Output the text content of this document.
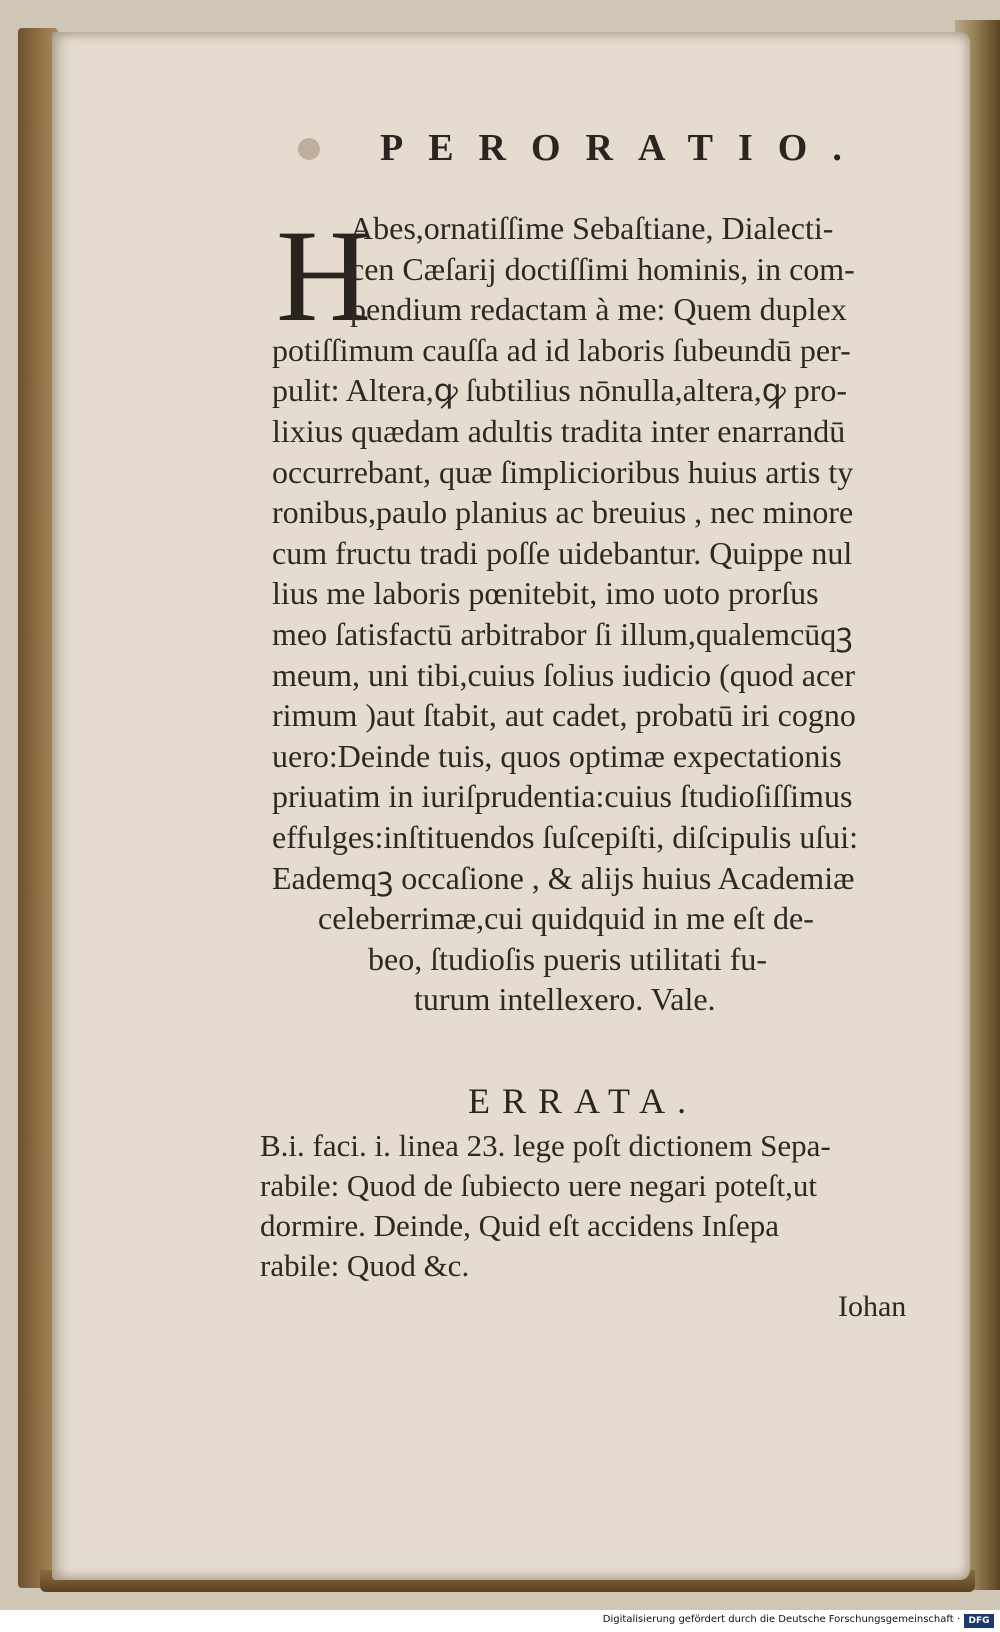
PERORATIO.
H
Abes,ornatiſſime Sebaſtiane, Dialecti-
cen Cæſarij doctiſſimi hominis, in com-
pendium redactam à me: Quem duplex
potiſſimum cauſſa ad id laboris ſubeundū per-
pulit: Altera,ꝙ ſubtilius nōnulla,altera,ꝙ pro-
lixius quædam adultis tradita inter enarrandū
occurrebant, quæ ſimplicioribus huius artis ty
ronibus,paulo planius ac breuius , nec minore
cum fructu tradi poſſe uidebantur. Quippe nul
lius me laboris pœnitebit, imo uoto prorſus
meo ſatisfactū arbitrabor ſi illum,qualemcūqꝫ
meum, uni tibi,cuius ſolius iudicio (quod acer
rimum )aut ſtabit, aut cadet, probatū iri cogno
uero:Deinde tuis, quos optimæ expectationis
priuatim in iuriſprudentia:cuius ſtudioſiſſimus
effulges:inſtituendos ſuſcepiſti, diſcipulis uſui:
Eademqꝫ occaſione , & alijs huius Academiæ
celeberrimæ,cui quidquid in me eſt de-
beo, ſtudioſis pueris utilitati fu-
turum intellexero. Vale.
ERRATA.
B.i. faci. i. linea 23. lege poſt dictionem Sepa-
rabile: Quod de ſubiecto uere negari poteſt,ut
dormire. Deinde, Quid eſt accidens Inſepa
rabile: Quod &c.
Iohan
Digitalisierung gefördert durch die Deutsche Forschungsgemeinschaft · DFG
